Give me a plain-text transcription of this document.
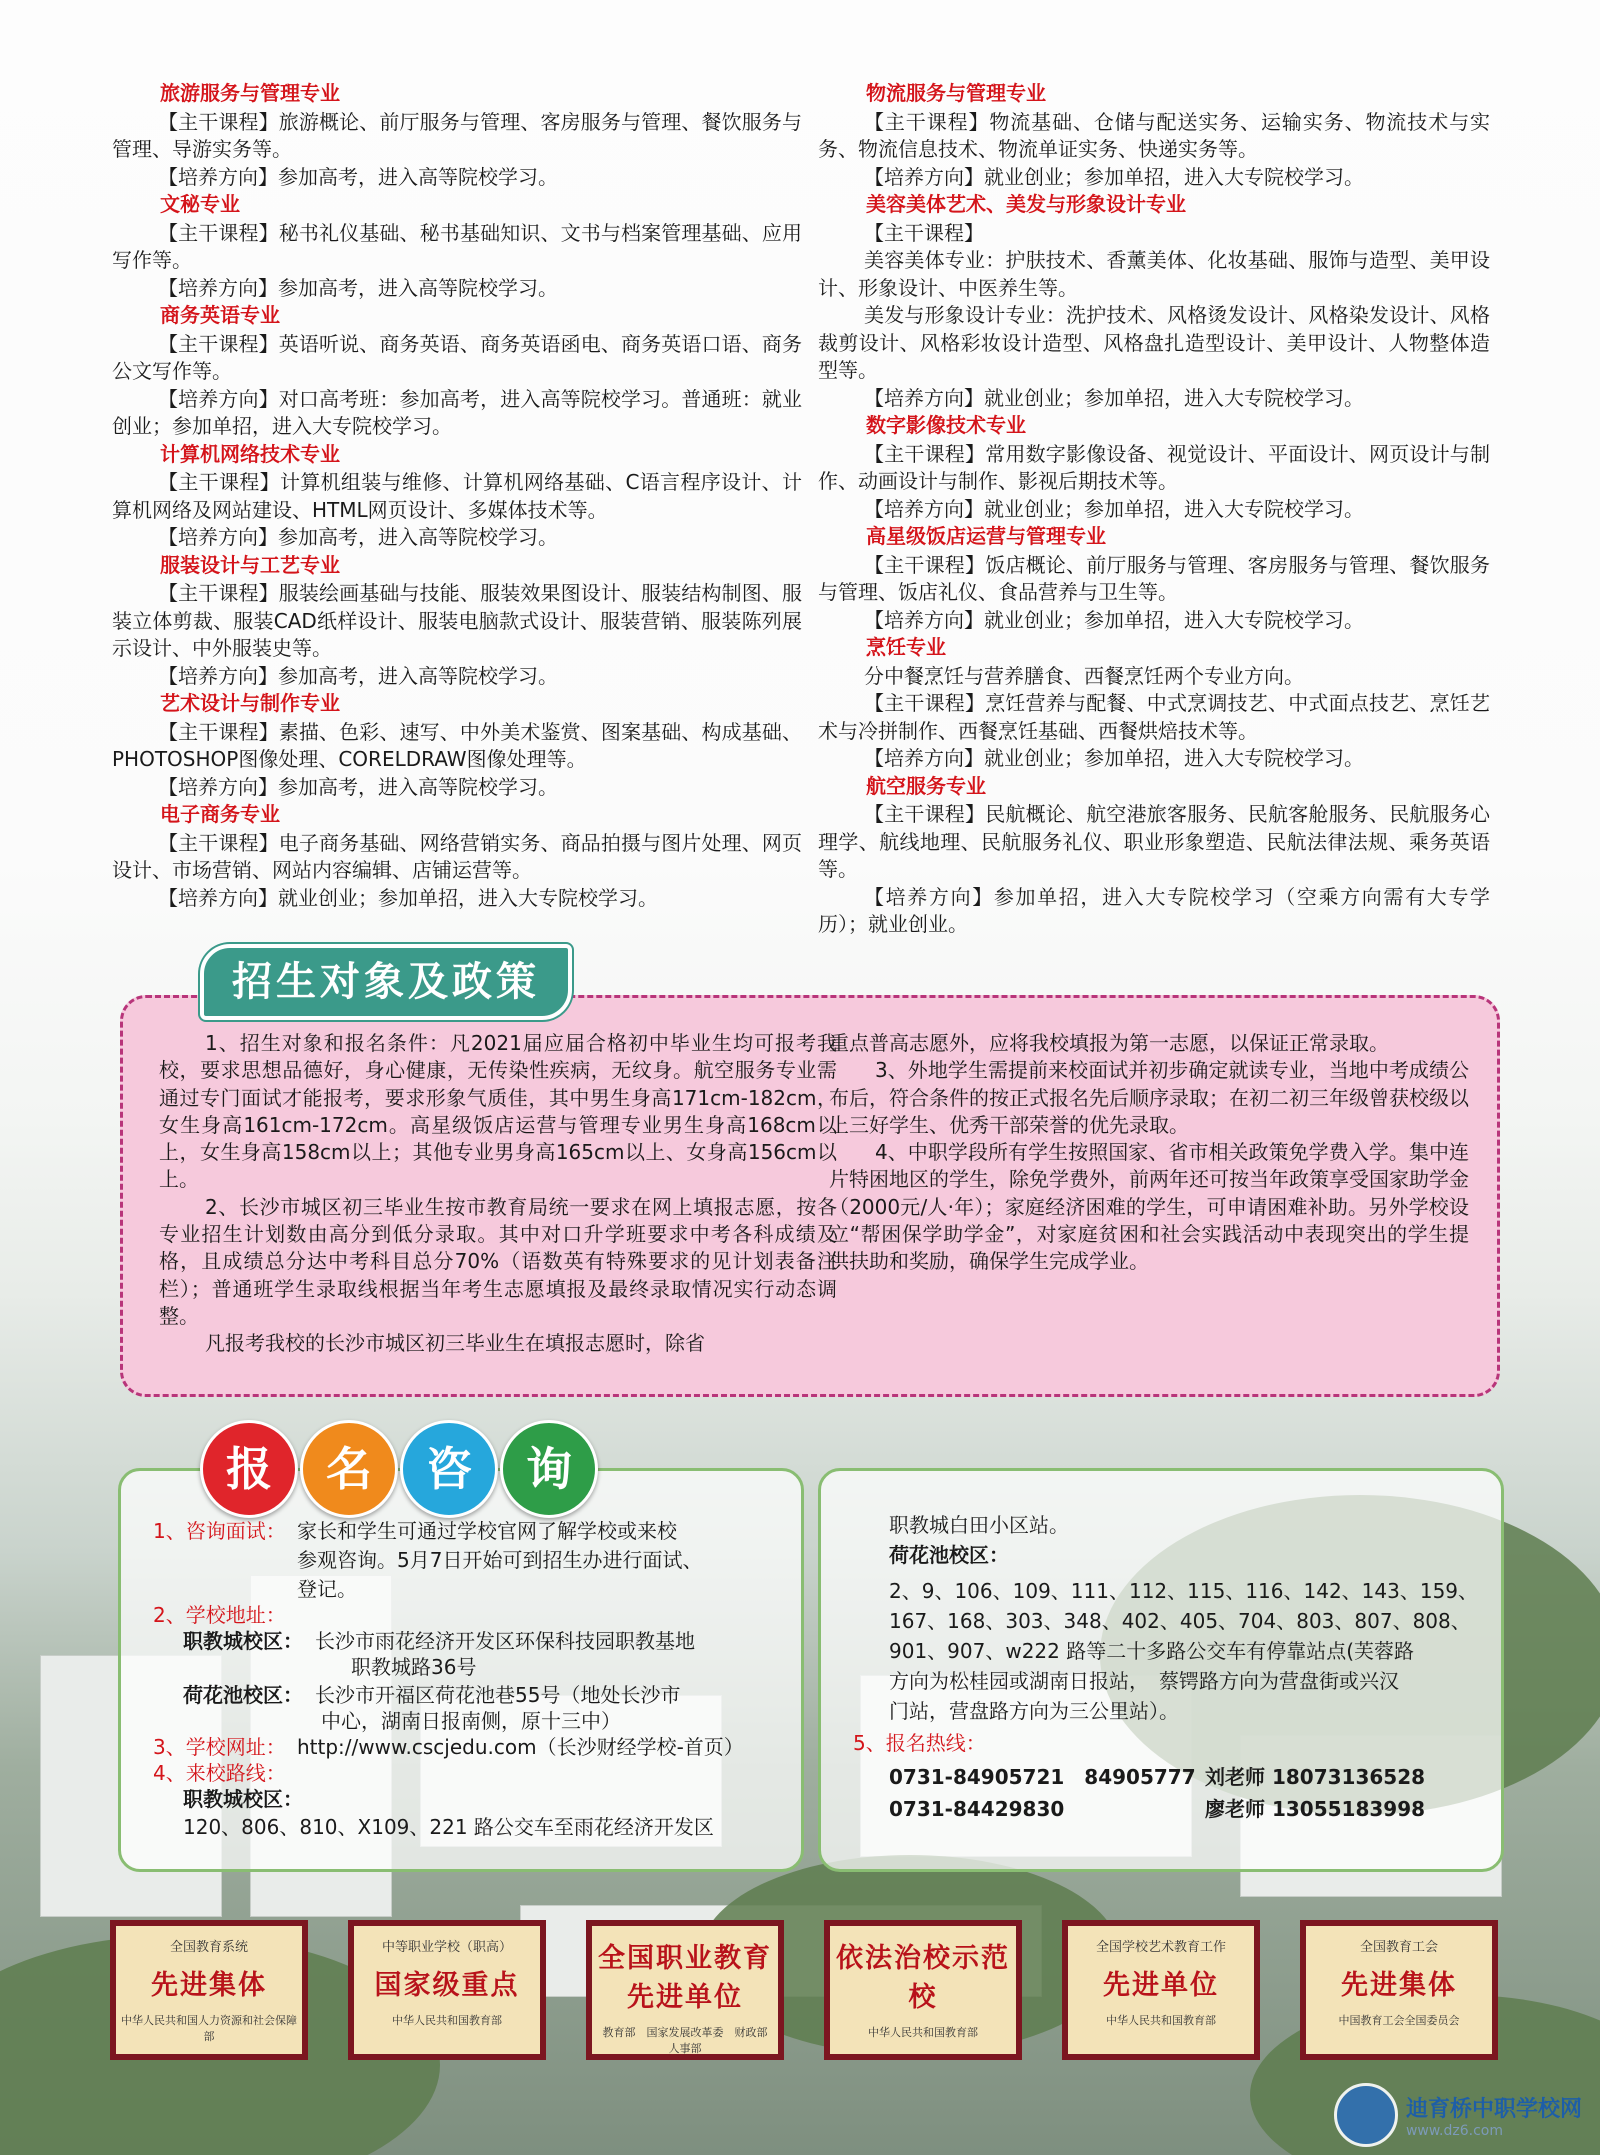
旅游服务与管理专业

【主干课程】旅游概论、前厅服务与管理、客房服务与管理、餐饮服务与管理、导游实务等。

【培养方向】参加高考，进入高等院校学习。

文秘专业

【主干课程】秘书礼仪基础、秘书基础知识、文书与档案管理基础、应用写作等。

【培养方向】参加高考，进入高等院校学习。

商务英语专业

【主干课程】英语听说、商务英语、商务英语函电、商务英语口语、商务公文写作等。

【培养方向】对口高考班：参加高考，进入高等院校学习。普通班：就业创业；参加单招，进入大专院校学习。

计算机网络技术专业

【主干课程】计算机组装与维修、计算机网络基础、C语言程序设计、计算机网络及网站建设、HTML网页设计、多媒体技术等。

【培养方向】参加高考，进入高等院校学习。

服装设计与工艺专业

【主干课程】服装绘画基础与技能、服装效果图设计、服装结构制图、服装立体剪裁、服装CAD纸样设计、服装电脑款式设计、服装营销、服装陈列展示设计、中外服装史等。

【培养方向】参加高考，进入高等院校学习。

艺术设计与制作专业

【主干课程】素描、色彩、速写、中外美术鉴赏、图案基础、构成基础、PHOTOSHOP图像处理、CORELDRAW图像处理等。

【培养方向】参加高考，进入高等院校学习。

电子商务专业

【主干课程】电子商务基础、网络营销实务、商品拍摄与图片处理、网页设计、市场营销、网站内容编辑、店铺运营等。

【培养方向】就业创业；参加单招，进入大专院校学习。

物流服务与管理专业

【主干课程】物流基础、仓储与配送实务、运输实务、物流技术与实务、物流信息技术、物流单证实务、快递实务等。

【培养方向】就业创业；参加单招，进入大专院校学习。

美容美体艺术、美发与形象设计专业

【主干课程】

美容美体专业：护肤技术、香薰美体、化妆基础、服饰与造型、美甲设计、形象设计、中医养生等。

美发与形象设计专业：洗护技术、风格烫发设计、风格染发设计、风格裁剪设计、风格彩妆设计造型、风格盘扎造型设计、美甲设计、人物整体造型等。

【培养方向】就业创业；参加单招，进入大专院校学习。

数字影像技术专业

【主干课程】常用数字影像设备、视觉设计、平面设计、网页设计与制作、动画设计与制作、影视后期技术等。

【培养方向】就业创业；参加单招，进入大专院校学习。

高星级饭店运营与管理专业

【主干课程】饭店概论、前厅服务与管理、客房服务与管理、餐饮服务与管理、饭店礼仪、食品营养与卫生等。

【培养方向】就业创业；参加单招，进入大专院校学习。

烹饪专业

分中餐烹饪与营养膳食、西餐烹饪两个专业方向。

【主干课程】烹饪营养与配餐、中式烹调技艺、中式面点技艺、烹饪艺术与冷拼制作、西餐烹饪基础、西餐烘焙技术等。

【培养方向】就业创业；参加单招，进入大专院校学习。

航空服务专业

【主干课程】民航概论、航空港旅客服务、民航客舱服务、民航服务心理学、航线地理、民航服务礼仪、职业形象塑造、民航法律法规、乘务英语等。

【培养方向】参加单招，进入大专院校学习（空乘方向需有大专学历）；就业创业。

招生对象及政策

1、招生对象和报名条件：凡2021届应届合格初中毕业生均可报考我校，要求思想品德好，身心健康，无传染性疾病，无纹身。航空服务专业需通过专门面试才能报考，要求形象气质佳，其中男生身高171cm-182cm，女生身高161cm-172cm。高星级饭店运营与管理专业男生身高168cm以上，女生身高158cm以上；其他专业男身高165cm以上、女身高156cm以上。

2、长沙市城区初三毕业生按市教育局统一要求在网上填报志愿，按各专业招生计划数由高分到低分录取。其中对口升学班要求中考各科成绩及格，且成绩总分达中考科目总分70%（语数英有特殊要求的见计划表备注栏）；普通班学生录取线根据当年考生志愿填报及最终录取情况实行动态调整。

凡报考我校的长沙市城区初三毕业生在填报志愿时，除省

重点普高志愿外，应将我校填报为第一志愿，以保证正常录取。

3、外地学生需提前来校面试并初步确定就读专业，当地中考成绩公布后，符合条件的按正式报名先后顺序录取；在初二初三年级曾获校级以上三好学生、优秀干部荣誉的优先录取。

4、中职学段所有学生按照国家、省市相关政策免学费入学。集中连片特困地区的学生，除免学费外，前两年还可按当年政策享受国家助学金（2000元/人·年）；家庭经济困难的学生，可申请困难补助。另外学校设立“帮困保学助学金”，对家庭贫困和社会实践活动中表现突出的学生提供扶助和奖励，确保学生完成学业。

报	名	咨	询
1、咨询面试： 家长和学生可通过学校官网了解学校或来校
参观咨询。5月7日开始可到招生办进行面试、
登记。
2、学校地址：
职教城校区： 长沙市雨花经济开发区环保科技园职教基地
职教城路36号
荷花池校区： 长沙市开福区荷花池巷55号（地处长沙市
中心，湖南日报南侧，原十三中）
3、学校网址： http://www.cscjedu.com（长沙财经学校-首页）
4、来校路线：
职教城校区：
120、806、810、X109、221 路公交车至雨花经济开发区
职教城白田小区站。
荷花池校区：
2、9、106、109、111、112、115、116、142、143、159、
167、168、303、348、402、405、704、803、807、808、
901、907、w222 路等二十多路公交车有停靠站点(芙蓉路
方向为松桂园或湖南日报站，　蔡锷路方向为营盘街或兴汉
门站，营盘路方向为三公里站）。
5、报名热线：
0731-84905721　84905777 刘老师 18073136528
0731-84429830	廖老师 13055183998
全国教育系统
先进集体
中华人民共和国人力资源和社会保障部
中等职业学校（职高）
国家级重点
中华人民共和国教育部
全国职业教育先进单位
教育部　国家发展改革委　财政部　人事部
依法治校示范校
中华人民共和国教育部
全国学校艺术教育工作
先进单位
中华人民共和国教育部
全国教育工会
先进集体
中国教育工会全国委员会
迪育桥中职学校网
www.dz6.com
